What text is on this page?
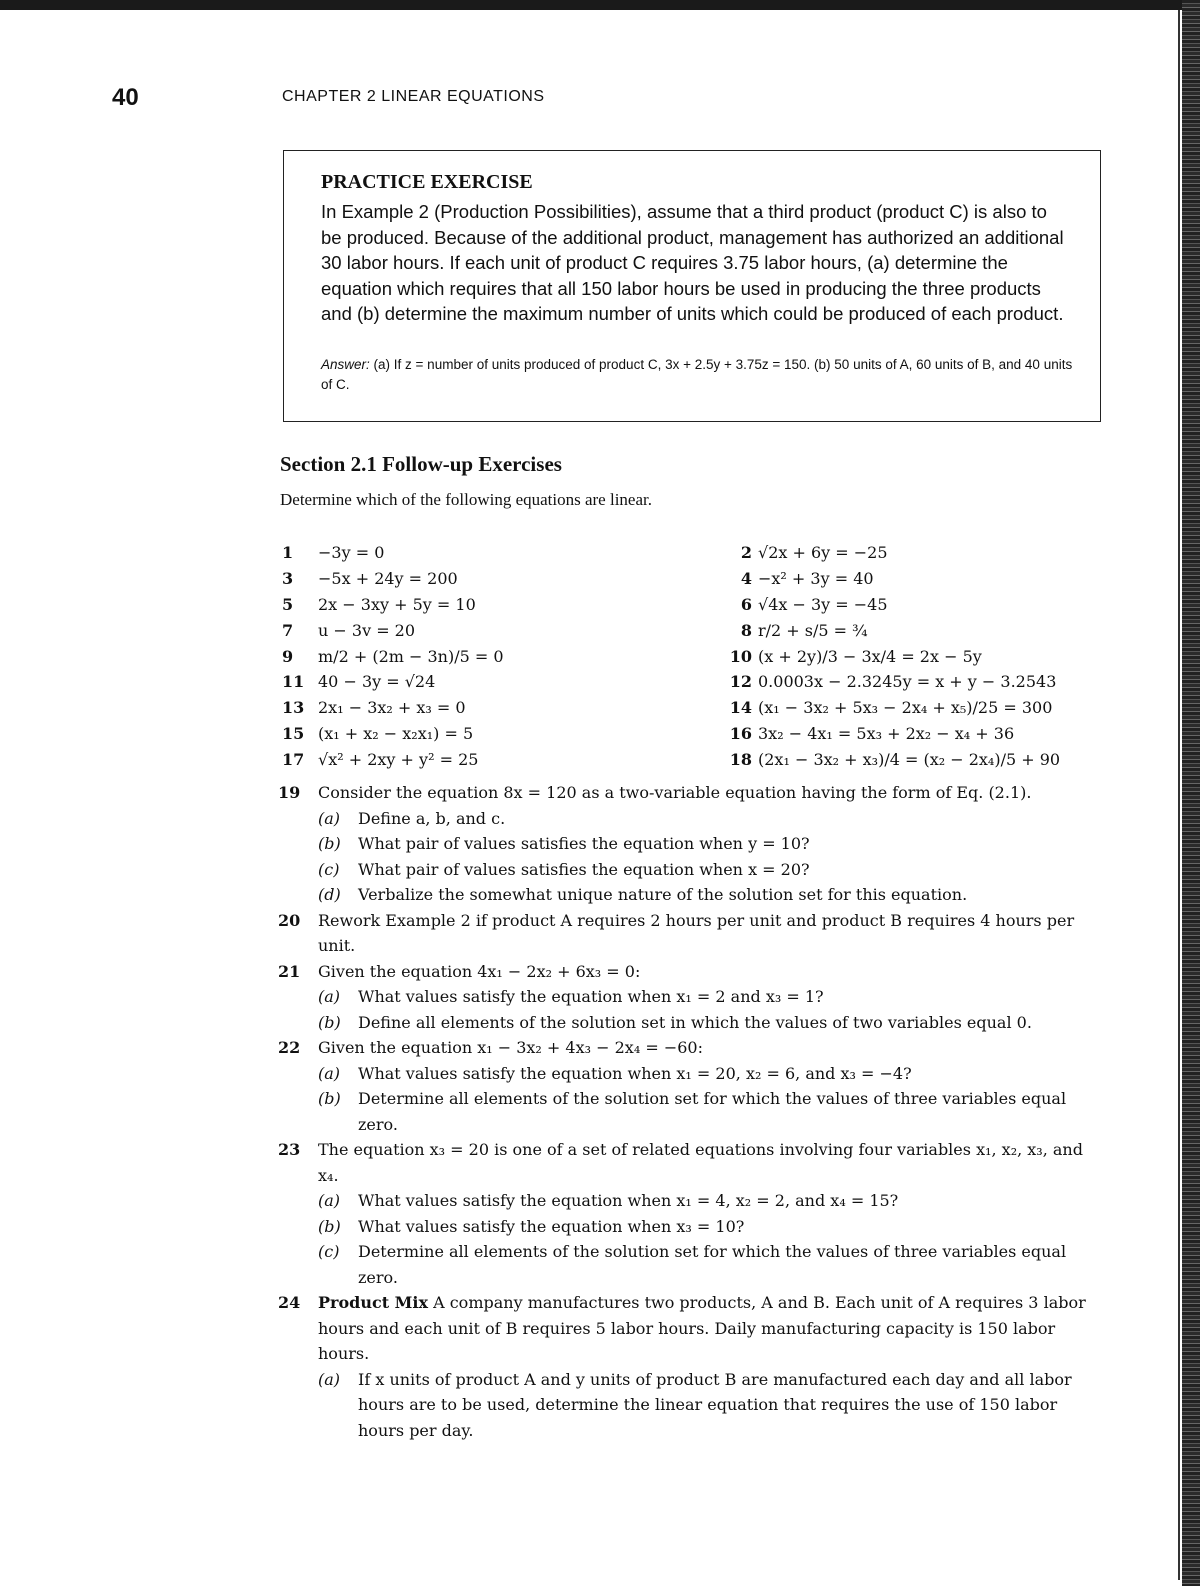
40	CHAPTER 2 LINEAR EQUATIONS
PRACTICE EXERCISE
In Example 2 (Production Possibilities), assume that a third product (product C) is also to be produced. Because of the additional product, management has authorized an additional 30 labor hours. If each unit of product C requires 3.75 labor hours, (a) determine the equation which requires that all 150 labor hours be used in producing the three products and (b) determine the maximum number of units which could be produced of each product.
Answer: (a) If z = number of units produced of product C, 3x + 2.5y + 3.75z = 150. (b) 50 units of A, 60 units of B, and 40 units of C.
Section 2.1 Follow-up Exercises
Determine which of the following equations are linear.
1	−3y = 0	2 √2x + 6y = −25
3	−5x + 24y = 200	4 −x² + 3y = 40
5	2x − 3xy + 5y = 10	6 √4x − 3y = −45
7	u − 3v = 20	8 r/2 + s/5 = ¾
9	m/2 + (2m − 3n)/5 = 0	10 (x + 2y)/3 − 3x/4 = 2x − 5y
11 40 − 3y = √24	12 0.0003x − 2.3245y = x + y − 3.2543
13 2x₁ − 3x₂ + x₃ = 0	14 (x₁ − 3x₂ + 5x₃ − 2x₄ + x₅)/25 = 300
15 (x₁ + x₂ − x₂x₁) = 5	16 3x₂ − 4x₁ = 5x₃ + 2x₂ − x₄ + 36
17 √x² + 2xy + y² = 25	18 (2x₁ − 3x₂ + x₃)/4 = (x₂ − 2x₄)/5 + 90
19 Consider the equation 8x = 120 as a two-variable equation having the form of Eq. (2.1).
(a) Define a, b, and c.
(b) What pair of values satisfies the equation when y = 10?
(c) What pair of values satisfies the equation when x = 20?
(d) Verbalize the somewhat unique nature of the solution set for this equation.
20 Rework Example 2 if product A requires 2 hours per unit and product B requires 4 hours per unit.
21 Given the equation 4x₁ − 2x₂ + 6x₃ = 0:
(a) What values satisfy the equation when x₁ = 2 and x₃ = 1?
(b) Define all elements of the solution set in which the values of two variables equal 0.
22 Given the equation x₁ − 3x₂ + 4x₃ − 2x₄ = −60:
(a) What values satisfy the equation when x₁ = 20, x₂ = 6, and x₃ = −4?
(b) Determine all elements of the solution set for which the values of three variables equal zero.
23 The equation x₃ = 20 is one of a set of related equations involving four variables x₁, x₂, x₃, and x₄.
(a) What values satisfy the equation when x₁ = 4, x₂ = 2, and x₄ = 15?
(b) What values satisfy the equation when x₃ = 10?
(c) Determine all elements of the solution set for which the values of three variables equal zero.
24 Product Mix A company manufactures two products, A and B. Each unit of A requires 3 labor hours and each unit of B requires 5 labor hours. Daily manufacturing capacity is 150 labor hours.
(a) If x units of product A and y units of product B are manufactured each day and all labor hours are to be used, determine the linear equation that requires the use of 150 labor hours per day.
